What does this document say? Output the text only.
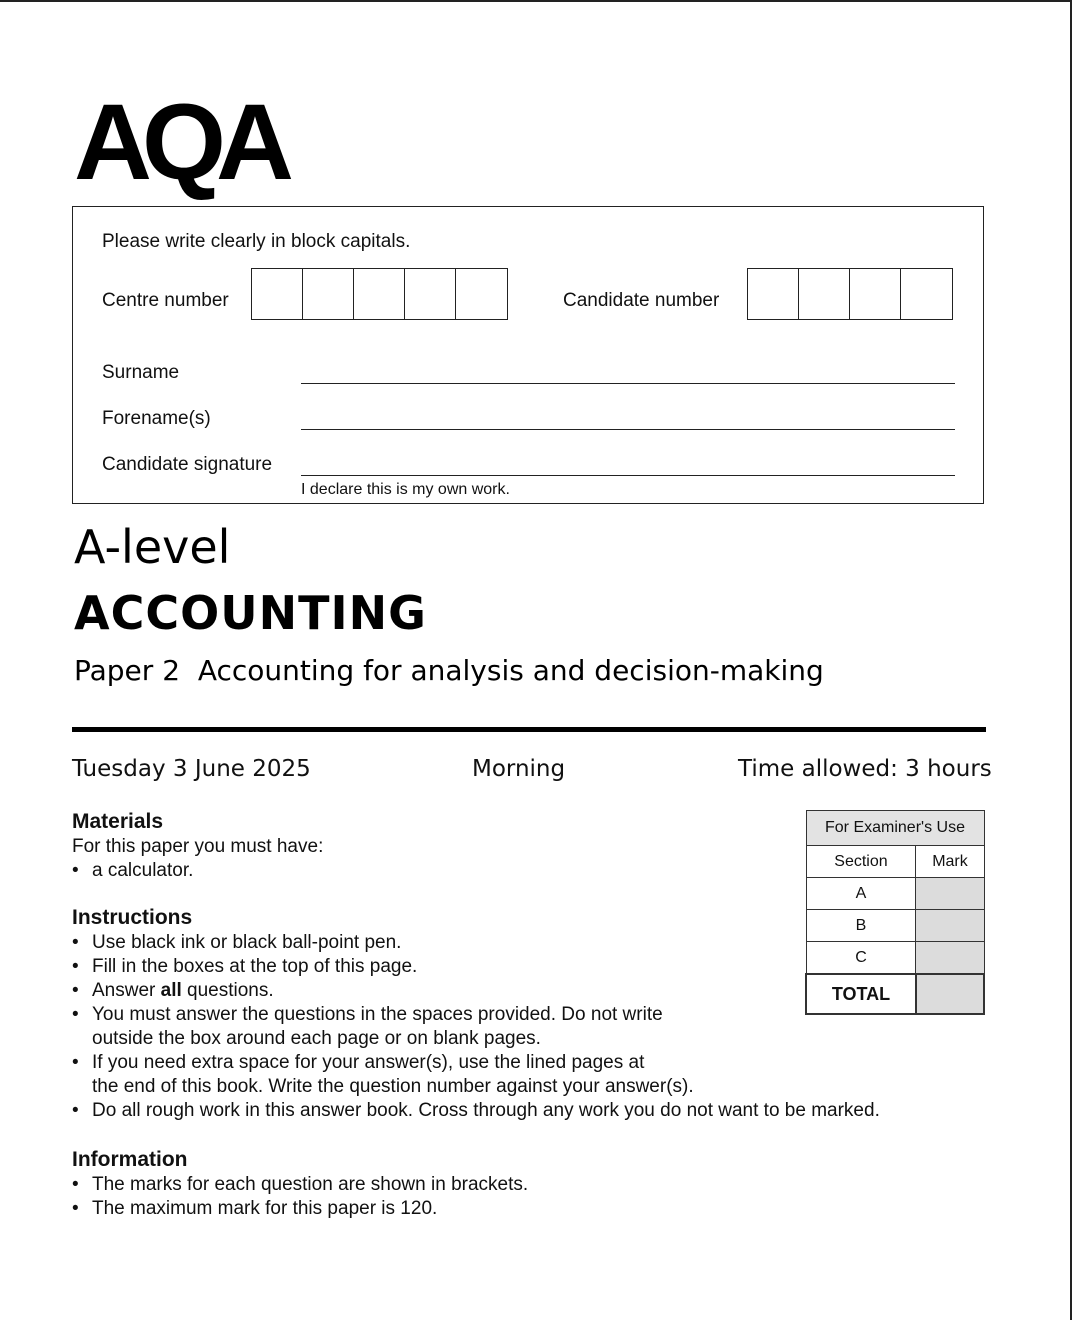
AQA
Please write clearly in block capitals.
Centre number	Candidate number
Surname
Forename(s)
Candidate signature
I declare this is my own work.
A-level
ACCOUNTING
Paper 2  Accounting for analysis and decision-making
Tuesday 3 June 2025	Morning	Time allowed: 3 hours
Materials
For this paper you must have:
• a calculator.
Instructions
• Use black ink or black ball-point pen.
• Fill in the boxes at the top of this page.
• Answer all questions.
• You must answer the questions in the spaces provided. Do not write
outside the box around each page or on blank pages.
• If you need extra space for your answer(s), use the lined pages at
the end of this book. Write the question number against your answer(s).
• Do all rough work in this answer book. Cross through any work you do not want to be marked.
Information
• The marks for each question are shown in brackets.
• The maximum mark for this paper is 120.
For Examiner's Use	
Section	Mark
A	
B	
C	
TOTAL	
